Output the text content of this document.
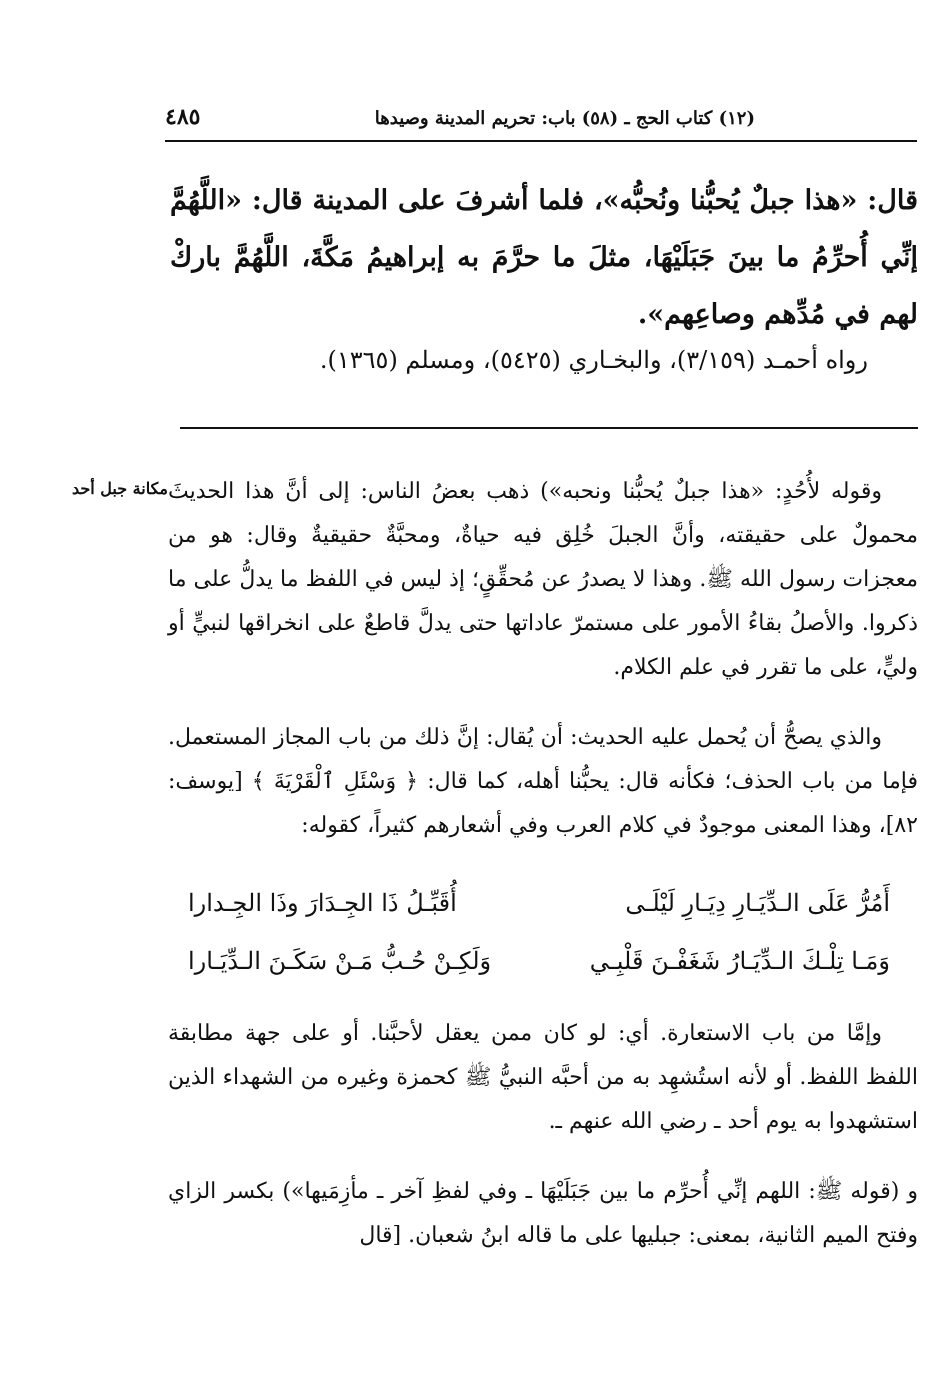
٤٨٥	(١٢) كتاب الحج ـ (٥٨) باب: تحريم المدينة وصيدها
قال: «هذا جبلٌ يُحبُّنا ونُحبُّه»، فلما أشرفَ على المدينة قال: «اللَّهُمَّ إنِّي أُحرِّمُ ما بينَ جَبَلَيْهَا، مثلَ ما حرَّمَ به إبراهيمُ مَكَّةَ، اللَّهُمَّ باركْ لهم في مُدِّهم وصاعِهم».
رواه أحمـد (٣/١٥٩)، والبخـاري (٥٤٢٥)، ومسلم (١٣٦٥).
مكانة جبل أحد وقوله لأُحُدٍ: «هذا جبلٌ يُحبُّنا ونحبه») ذهب بعضُ الناس: إلى أنَّ هذا الحديثَ محمولٌ على حقيقته، وأنَّ الجبلَ خُلِق فيه حياةٌ، ومحبَّةٌ حقيقيةٌ وقال: هو من معجزات رسول الله ﷺ. وهذا لا يصدرُ عن مُحقِّقٍ؛ إذ ليس في اللفظ ما يدلُّ على ما ذكروا. والأصلُ بقاءُ الأمور على مستمرّ عاداتها حتى يدلَّ قاطعٌ على انخراقها لنبيٍّ أو وليٍّ، على ما تقرر في علم الكلام.

والذي يصحُّ أن يُحمل عليه الحديث: أن يُقال: إنَّ ذلك من باب المجاز المستعمل. فإما من باب الحذف؛ فكأنه قال: يحبُّنا أهله، كما قال: ﴿ وَسْئَلِ ٱلْقَرْيَةَ ﴾ [يوسف: ٨٢]، وهذا المعنى موجودٌ في كلام العرب وفي أشعارهم كثيراً، كقوله:

أَمُرُّ عَلَى الـدِّيَـارِ دِيَـارِ لَيْلَـى
أُقَبِّـلُ ذَا الجِـدَارَ وذَا الجِـدارا
وَمَـا تِلْـكَ الـدِّيَـارُ شَغَفْـنَ قَلْبِـي
وَلَكِـنْ حُـبُّ مَـنْ سَكَـنَ الـدِّيَـارا

وإمَّا من باب الاستعارة. أي: لو كان ممن يعقل لأحبَّنا. أو على جهة مطابقة اللفظ اللفظ. أو لأنه استُشهِد به من أحبَّه النبيُّ ﷺ كحمزة وغيره من الشهداء الذين استشهدوا به يوم أحد ـ رضي الله عنهم ـ.

و (قوله ﷺ: اللهم إنِّي أُحرِّم ما بين جَبَلَيْهَا ـ وفي لفظِ آخر ـ مأزِمَيها») بكسر الزاي وفتح الميم الثانية، بمعنى: جبليها على ما قاله ابنُ شعبان. [قال
